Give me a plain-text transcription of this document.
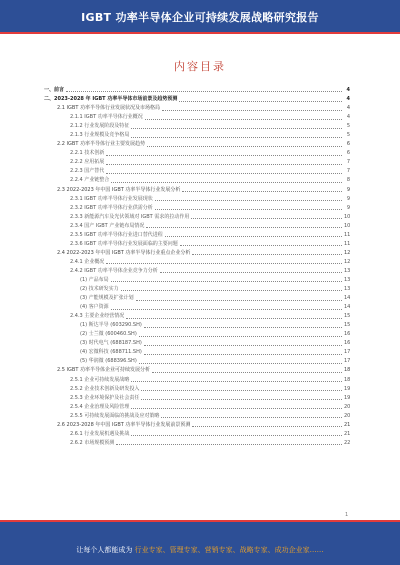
IGBT 功率半导体企业可持续发展战略研究报告
内容目录
一、前言	4
二、2023-2028 年 IGBT 功率半导体市场前景及趋势预测	4
2.1 IGBT 功率半导体行业发展状况及市场格局	4
2.1.1 IGBT 功率半导体行业概况	4
2.1.2 行业发展阶段及特征	5
2.1.3 行业规模及竞争格局	5
2.2 IGBT 功率半导体行业主要发展趋势	6
2.2.1 技术创新	6
2.2.2 应用拓展	7
2.2.3 国产替代	7
2.2.4 产业链整合	8
2.3 2022-2023 年中国 IGBT 功率半导体行业发展分析	9
2.3.1 IGBT 功率半导体行业发展现状	9
2.3.2 IGBT 功率半导体行业供需分析	9
2.3.3 新能源汽车及光伏领域对 IGBT 需求的拉动作用	10
2.3.4 国产 IGBT 产业链布局情况	10
2.3.5 IGBT 功率半导体行业进口替代进程	11
2.3.6 IGBT 功率半导体行业发展面临的主要问题	11
2.4 2022-2023 年中国 IGBT 功率半导体行业重点企业分析	12
2.4.1 企业概况	12
2.4.2 IGBT 功率半导体企业竞争力分析	13
(1) 产品布局	13
(2) 技术研发实力	13
(3) 产能规模及扩张计划	14
(4) 客户资源	14
2.4.3 主要企业经营情况	15
(1) 斯达半导 (603290.SH)	15
(2) 士兰微 (600460.SH)	16
(3) 时代电气 (688187.SH)	16
(4) 宏微科技 (688711.SH)	17
(5) 华润微 (688396.SH)	17
2.5 IGBT 功率半导体企业可持续发展分析	18
2.5.1 企业可持续发展战略	18
2.5.2 企业技术创新及研发投入	19
2.5.3 企业环境保护及社会责任	19
2.5.4 企业治理及风险管理	20
2.5.5 可持续发展面临的挑战及应对策略	20
2.6 2023-2028 年中国 IGBT 功率半导体行业发展前景预测	21
2.6.1 行业发展机遇及挑战	21
2.6.2 市场规模预测	22
1
让每个人都能成为 行业专家、管理专家、营销专家、战略专家、成功企业家……
